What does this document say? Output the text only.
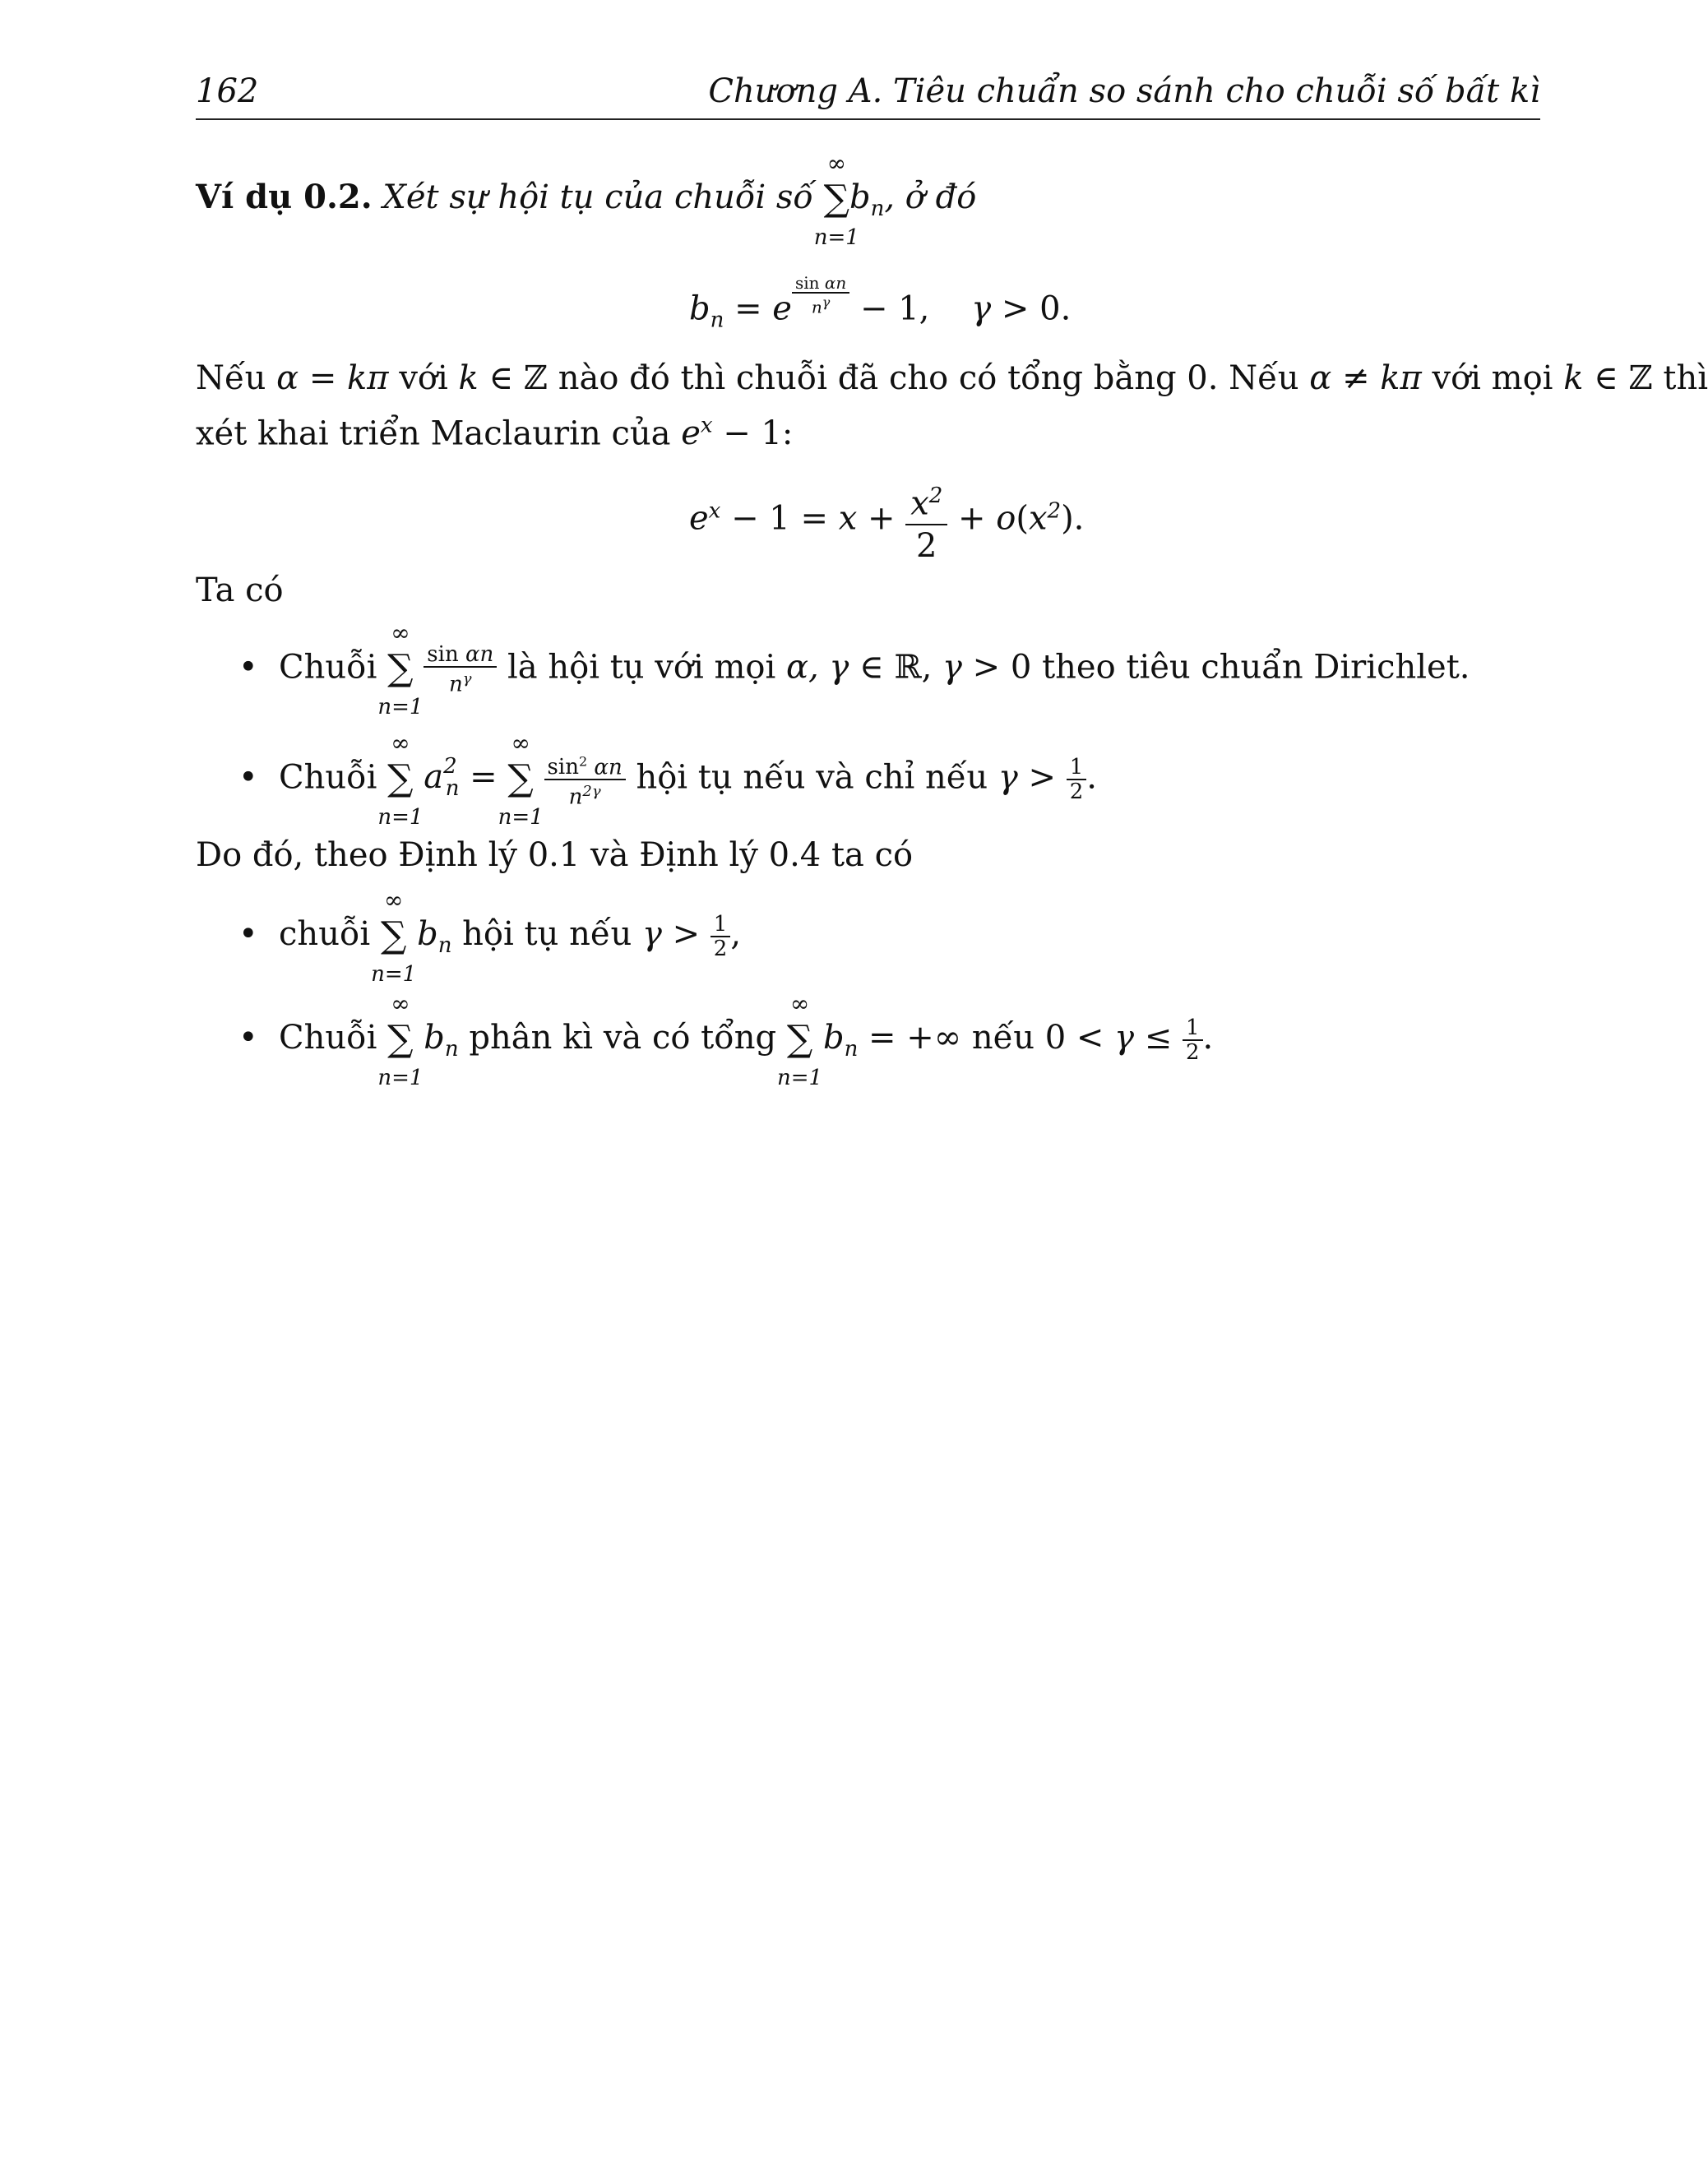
162	Chương A. Tiêu chuẩn so sánh cho chuỗi số bất kì
Ví dụ 0.2. Xét sự hội tụ của chuỗi số
∞
∑
n=1
$b_n$, ở đó
$b_n = e$ $^{\frac{\text{sin αn}}{n^\gamma}}$ − 1,    γ > 0.
Nếu α = kπ với k ∈ ℤ nào đó thì chuỗi đã cho có tổng bằng 0. Nếu α ≠ kπ với mọi k ∈ ℤ thì
xét khai triển Maclaurin của $e^x - 1$:
$e^x - 1 = x + \frac{x^2}{2} + o(x^2)$.
Ta có
• Chuỗi
∞
∑
n=1

$\frac{\text{sin αn}}{n^\gamma}$ là hội tụ với mọi α, γ ∈ ℝ, γ > 0 theo tiêu chuẩn Dirichlet.
• Chuỗi
∞
∑
n=1
$a^2_n$ =
∞
∑
n=1

$\frac{\sin^2 \alpha n}{n^{2\gamma}}$ hội tụ nếu và chỉ nếu $\gamma > \frac{1}{2}$ .
Do đó, theo Định lý 0.1 và Định lý 0.4 ta có
• chuỗi
∞
∑
n=1
$b_n$ hội tụ nếu $\gamma > \frac{1}{2}$ ,
• Chuỗi
∞
∑
n=1
$b_n$ phân kì và có tổng
∞
∑
n=1
$b_n$ = +∞ nếu $0 < \gamma \le \frac{1}{2}$ .
